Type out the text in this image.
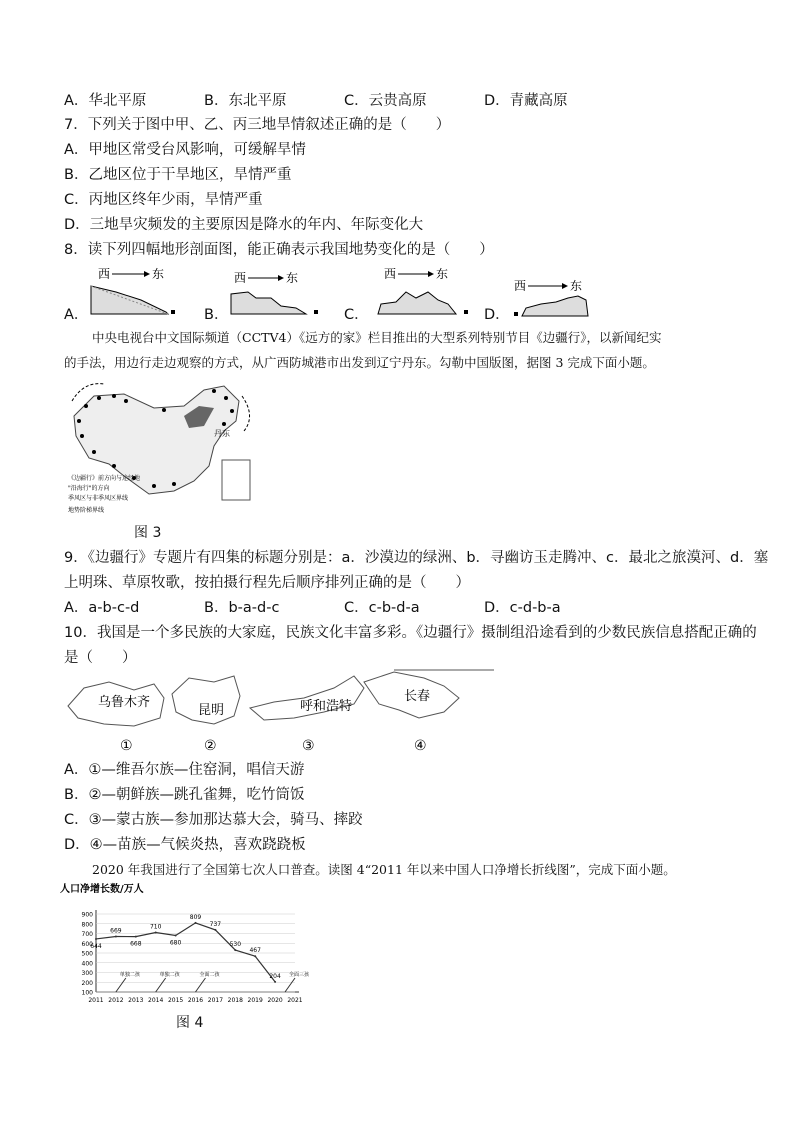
A．华北平原	B．东北平原	C．云贵高原	D．青藏高原
7．下列关于图中甲、乙、丙三地旱情叙述正确的是（　　）
A．甲地区常受台风影响，可缓解旱情
B．乙地区位于干旱地区，旱情严重
C．丙地区终年少雨，旱情严重
D．三地旱灾频发的主要原因是降水的年内、年际变化大
8．读下列四幅地形剖面图，能正确表示我国地势变化的是（　　）
A．	B．	C．	D．
西	东	西	东	西	东
西	东
中央电视台中文国际频道（CCTV4）《远方的家》栏目推出的大型系列特别节目《边疆行》，以新闻纪实
的手法，用边行走边观察的方式，从广西防城港市出发到辽宁丹东。勾勒中国版图，据图 3 完成下面小题。
丹东
《边疆行》前方向与途经地
"沿海行"的方向
季风区与非季风区界线
地势阶梯界线
图 3
9．《边疆行》专题片有四集的标题分别是：a．沙漠边的绿洲、b．寻幽访玉走腾冲、c．最北之旅漠河、d．塞
上明珠、草原牧歌，按拍摄行程先后顺序排列正确的是（　　）
A．a-b-c-d	B．b-a-d-c	C．c-b-d-a	D．c-d-b-a
10．我国是一个多民族的大家庭，民族文化丰富多彩。《边疆行》摄制组沿途看到的少数民族信息搭配正确的
是（　　）
乌鲁木齐
昆明	呼和浩特
长春
①	②	③	④
A．①—维吾尔族—住窑洞，唱信天游
B．②—朝鲜族—跳孔雀舞，吃竹筒饭
C．③—蒙古族—参加那达慕大会，骑马、摔跤
D．④—苗族—气候炎热，喜欢跷跷板
2020 年我国进行了全国第七次人口普查。读图 4“2011 年以来中国人口净增长折线图”，完成下面小题。
人口净增长数/万人
100
200
300
400
500
600
700
800
900
2011 2012 2013 2014 2015 2016 2017 2018 2019 2020 2021
644
669
668
710
680
809
737
530
467
204
单独二孩	单独二孩	全面二孩	全面三孩
图 4
